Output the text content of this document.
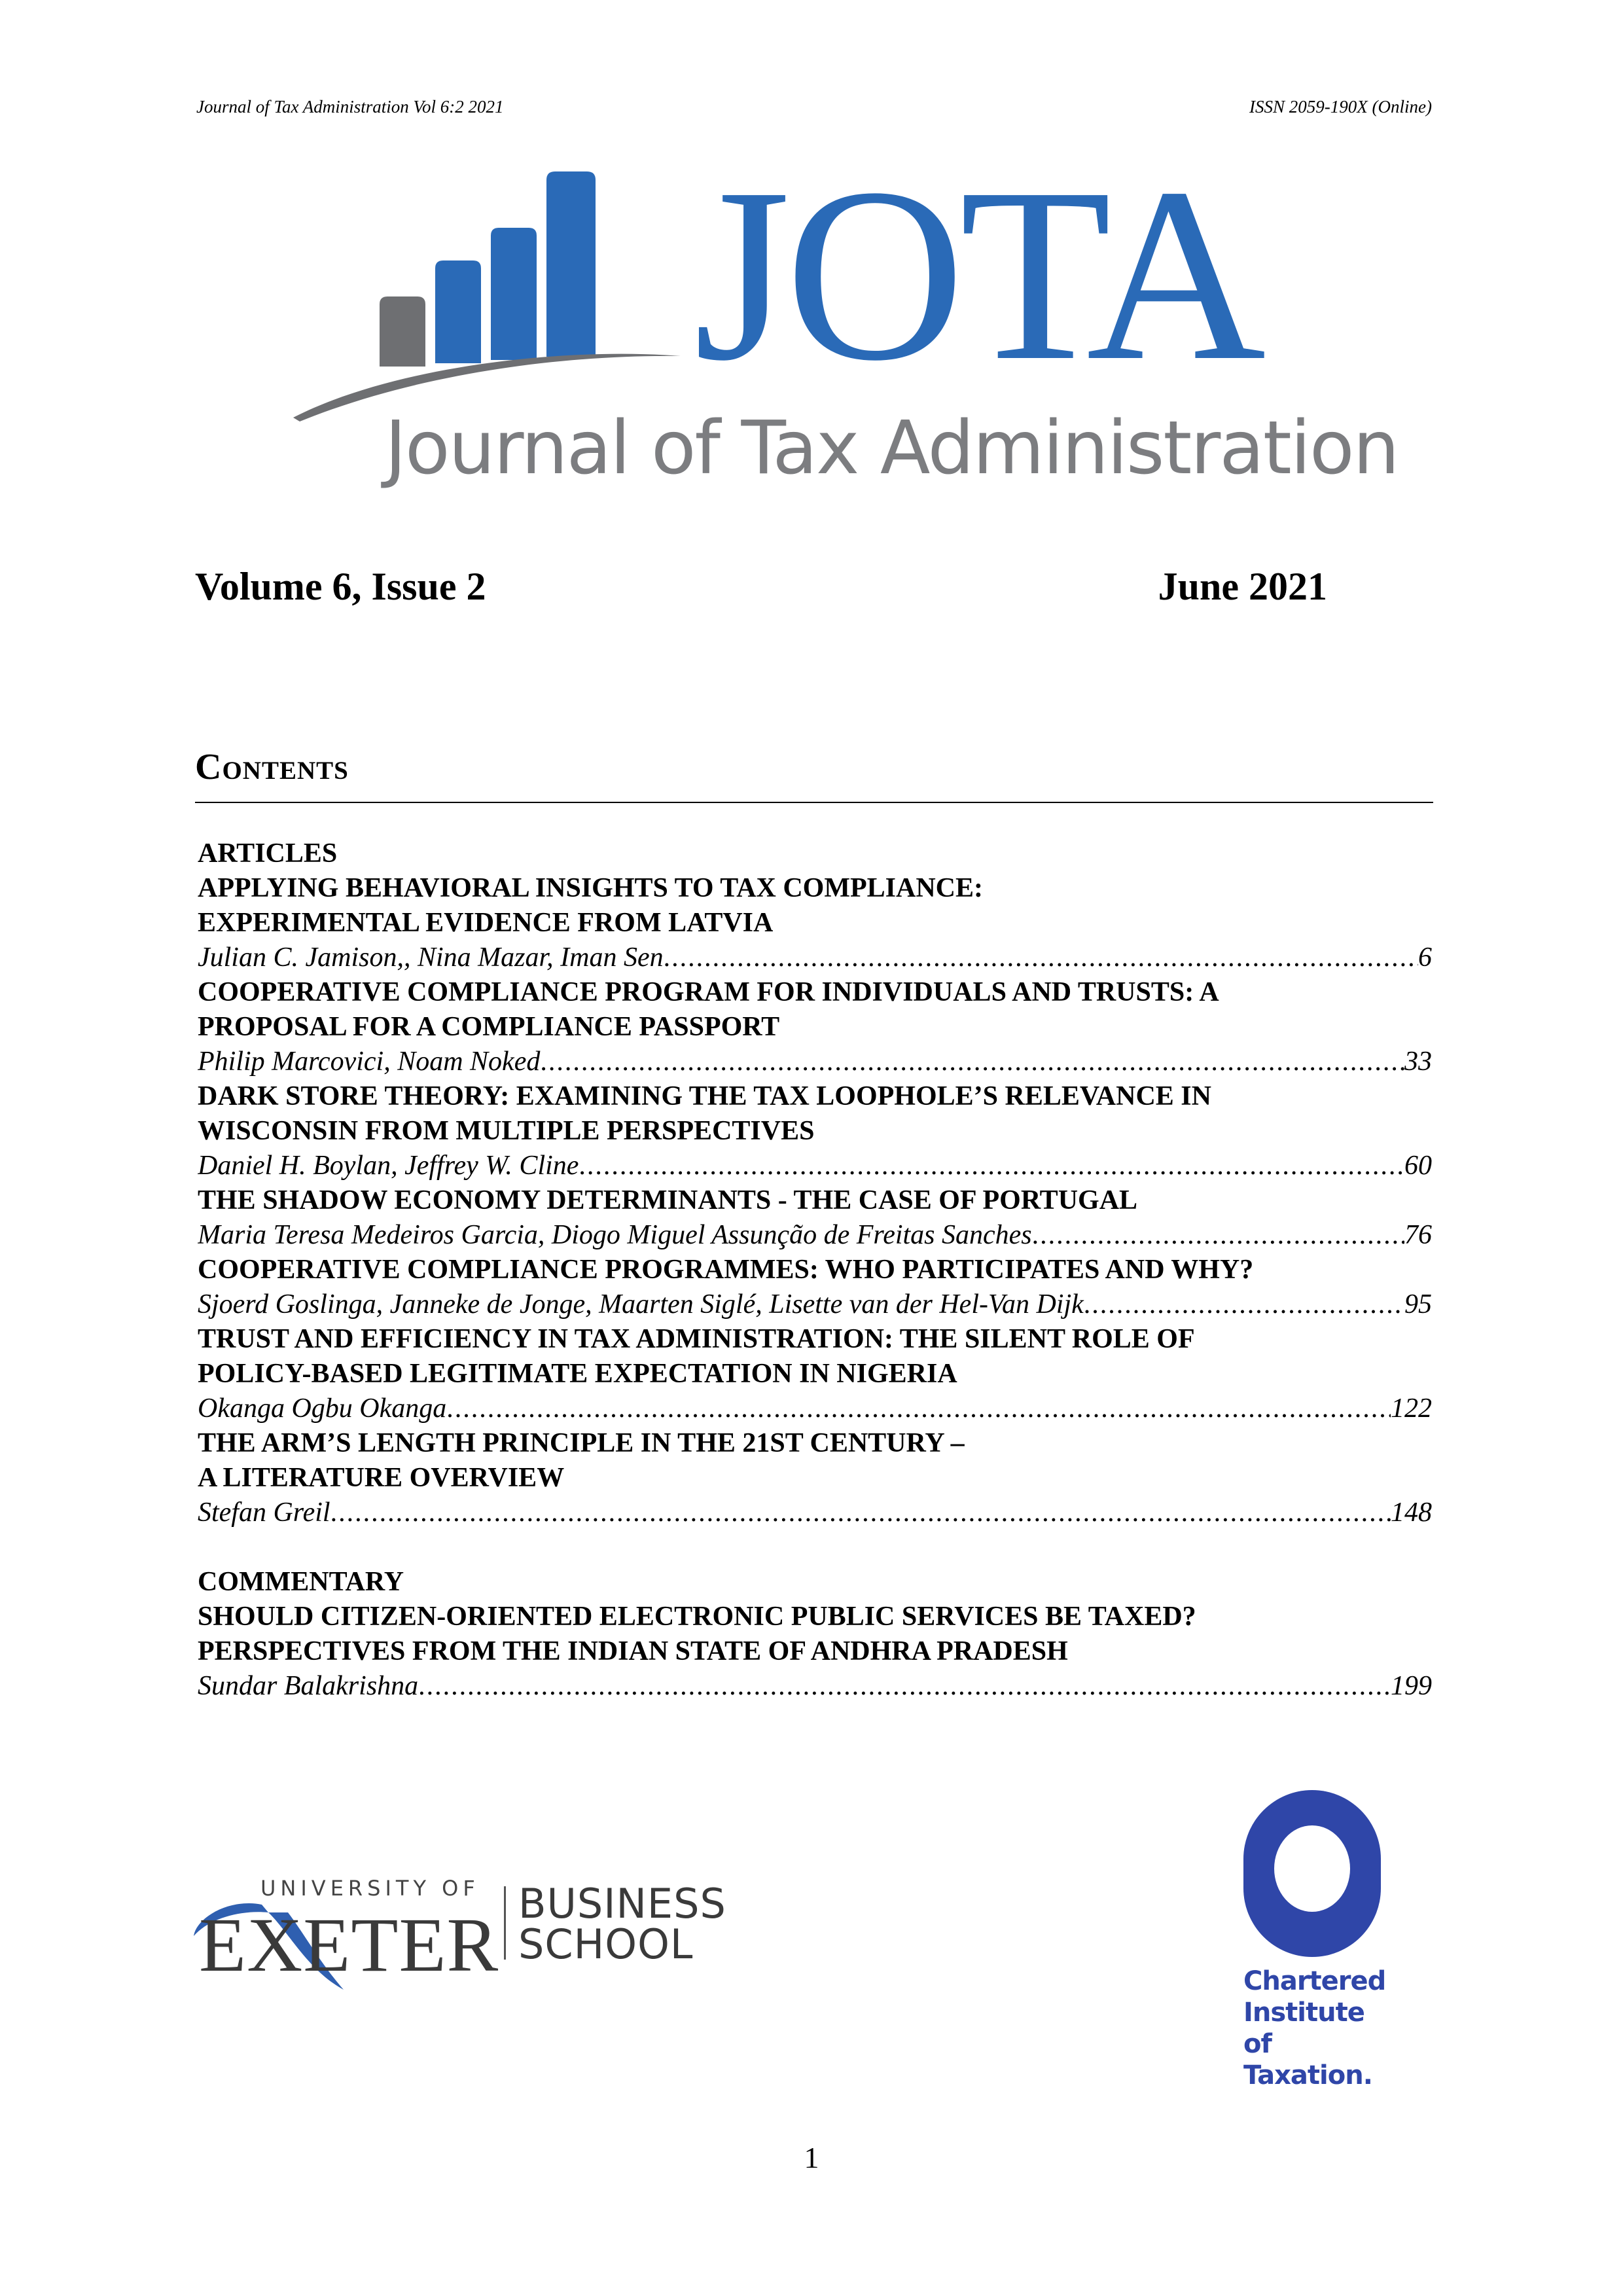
Journal of Tax Administration Vol 6:2 2021	ISSN 2059-190X (Online)
JOTA
Journal of Tax Administration
Volume 6, Issue 2	June 2021
Contents
ARTICLES
APPLYING BEHAVIORAL INSIGHTS TO TAX COMPLIANCE:
EXPERIMENTAL EVIDENCE FROM LATVIA
Julian C. Jamison,, Nina Mazar, Iman Sen .....	6
COOPERATIVE COMPLIANCE PROGRAM FOR INDIVIDUALS AND TRUSTS: A
PROPOSAL FOR A COMPLIANCE PASSPORT
Philip Marcovici, Noam Noked .....	33
DARK STORE THEORY: EXAMINING THE TAX LOOPHOLE’S RELEVANCE IN
WISCONSIN FROM MULTIPLE PERSPECTIVES
Daniel H. Boylan, Jeffrey W. Cline .....	60
THE SHADOW ECONOMY DETERMINANTS - THE CASE OF PORTUGAL
Maria Teresa Medeiros Garcia, Diogo Miguel Assunção de Freitas Sanches .....	76
COOPERATIVE COMPLIANCE PROGRAMMES: WHO PARTICIPATES AND WHY?
Sjoerd Goslinga, Janneke de Jonge, Maarten Siglé, Lisette van der Hel-Van Dijk .....	95
TRUST AND EFFICIENCY IN TAX ADMINISTRATION: THE SILENT ROLE OF
POLICY-BASED LEGITIMATE EXPECTATION IN NIGERIA
Okanga Ogbu Okanga .....	122
THE ARM’S LENGTH PRINCIPLE IN THE 21ST CENTURY –
A LITERATURE OVERVIEW
Stefan Greil .....	148
COMMENTARY
SHOULD CITIZEN-ORIENTED ELECTRONIC PUBLIC SERVICES BE TAXED?
PERSPECTIVES FROM THE INDIAN STATE OF ANDHRA PRADESH
Sundar Balakrishna .....	199
UNIVERSITY OF
EXETER BUSINESS
SCHOOL
Chartered
Institute of
Taxation.
1
